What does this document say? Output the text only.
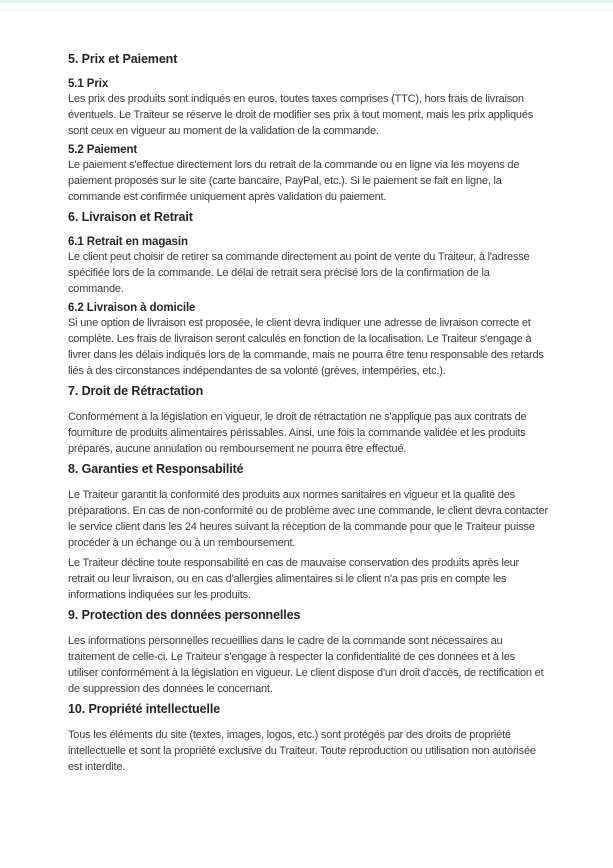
5. Prix et Paiement
5.1 Prix
Les prix des produits sont indiqués en euros, toutes taxes comprises (TTC), hors frais de livraison éventuels. Le Traiteur se réserve le droit de modifier ses prix à tout moment, mais les prix appliqués sont ceux en vigueur au moment de la validation de la commande.
5.2 Paiement
Le paiement s'effectue directement lors du retrait de la commande ou en ligne via les moyens de paiement proposés sur le site (carte bancaire, PayPal, etc.). Si le paiement se fait en ligne, la commande est confirmée uniquement après validation du paiement.
6. Livraison et Retrait
6.1 Retrait en magasin
Le client peut choisir de retirer sa commande directement au point de vente du Traiteur, à l'adresse spécifiée lors de la commande. Le délai de retrait sera précisé lors de la confirmation de la commande.
6.2 Livraison à domicile
Si une option de livraison est proposée, le client devra indiquer une adresse de livraison correcte et complète. Les frais de livraison seront calculés en fonction de la localisation. Le Traiteur s'engage à livrer dans les délais indiqués lors de la commande, mais ne pourra être tenu responsable des retards liés à des circonstances indépendantes de sa volonté (grèves, intempéries, etc.).
7. Droit de Rétractation
Conformément à la législation en vigueur, le droit de rétractation ne s'applique pas aux contrats de fourniture de produits alimentaires périssables. Ainsi, une fois la commande validée et les produits préparés, aucune annulation ou remboursement ne pourra être effectué.
8. Garanties et Responsabilité
Le Traiteur garantit la conformité des produits aux normes sanitaires en vigueur et la qualité des préparations. En cas de non-conformité ou de problème avec une commande, le client devra contacter le service client dans les 24 heures suivant la réception de la commande pour que le Traiteur puisse procéder à un échange ou à un remboursement.
Le Traiteur décline toute responsabilité en cas de mauvaise conservation des produits après leur retrait ou leur livraison, ou en cas d'allergies alimentaires si le client n'a pas pris en compte les informations indiquées sur les produits.
9. Protection des données personnelles
Les informations personnelles recueillies dans le cadre de la commande sont nécessaires au traitement de celle-ci. Le Traiteur s'engage à respecter la confidentialité de ces données et à les utiliser conformément à la législation en vigueur. Le client dispose d'un droit d'accès, de rectification et de suppression des données le concernant.
10. Propriété intellectuelle
Tous les éléments du site (textes, images, logos, etc.) sont protégés par des droits de propriété intellectuelle et sont la propriété exclusive du Traiteur. Toute reproduction ou utilisation non autorisée est interdite.
